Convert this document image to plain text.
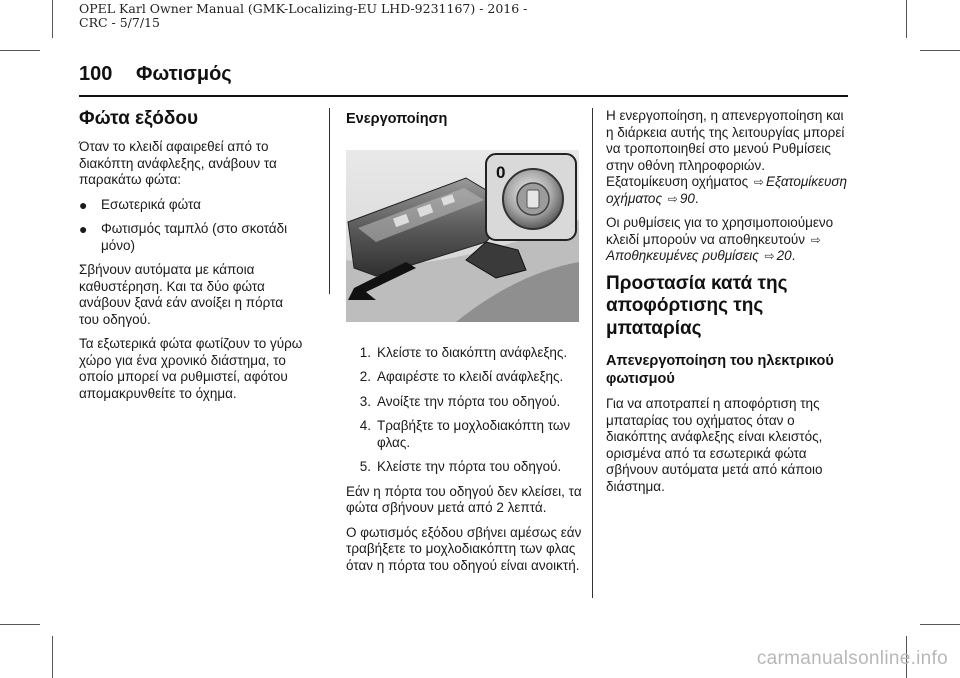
OPEL Karl Owner Manual (GMK-Localizing-EU LHD-9231167) - 2016 -
CRC - 5/7/15
100 Φωτισμός
Φώτα εξόδου

Όταν το κλειδί αφαιρεθεί από το διακόπτη ανάφλεξης, ανάβουν τα παρακάτω φώτα:

●	Εσωτερικά φώτα
●	Φωτισμός ταμπλό (στο σκοτάδι μόνο)

Σβήνουν αυτόματα με κάποια καθυστέρηση. Και τα δύο φώτα ανάβουν ξανά εάν ανοίξει η πόρτα του οδηγού.

Τα εξωτερικά φώτα φωτίζουν το γύρω χώρο για ένα χρονικό διάστημα, το οποίο μπορεί να ρυθμιστεί, αφότου απομακρυνθείτε το όχημα.

Ενεργοποίηση
0
1. Κλείστε το διακόπτη ανάφλεξης.
2. Αφαιρέστε το κλειδί ανάφλεξης.
3. Ανοίξτε την πόρτα του οδηγού.
4. Τραβήξτε το μοχλοδιακόπτη των φλας.
5. Κλείστε την πόρτα του οδηγού.

Εάν η πόρτα του οδηγού δεν κλείσει, τα φώτα σβήνουν μετά από 2 λεπτά.

Ο φωτισμός εξόδου σβήνει αμέσως εάν τραβήξετε το μοχλοδιακόπτη των φλας όταν η πόρτα του οδηγού είναι ανοικτή.

Η ενεργοποίηση, η απενεργοποίηση και η διάρκεια αυτής της λειτουργίας μπορεί να τροποποιηθεί στο μενού Ρυθμίσεις στην οθόνη πληροφοριών. Εξατομίκευση οχήματος ⇨ Εξατομίκευση οχήματος ⇨ 90.

Οι ρυθμίσεις για το χρησιμοποιούμενο κλειδί μπορούν να αποθηκευτούν ⇨Αποθηκευμένες ρυθμίσεις ⇨ 20.

Προστασία κατά της αποφόρτισης της μπαταρίας
Απενεργοποίηση του ηλεκτρικού φωτισμού

Για να αποτραπεί η αποφόρτιση της μπαταρίας του οχήματος όταν ο διακόπτης ανάφλεξης είναι κλειστός, ορισμένα από τα εσωτερικά φώτα σβήνουν αυτόματα μετά από κάποιο διάστημα.

carmanualsonline.info
